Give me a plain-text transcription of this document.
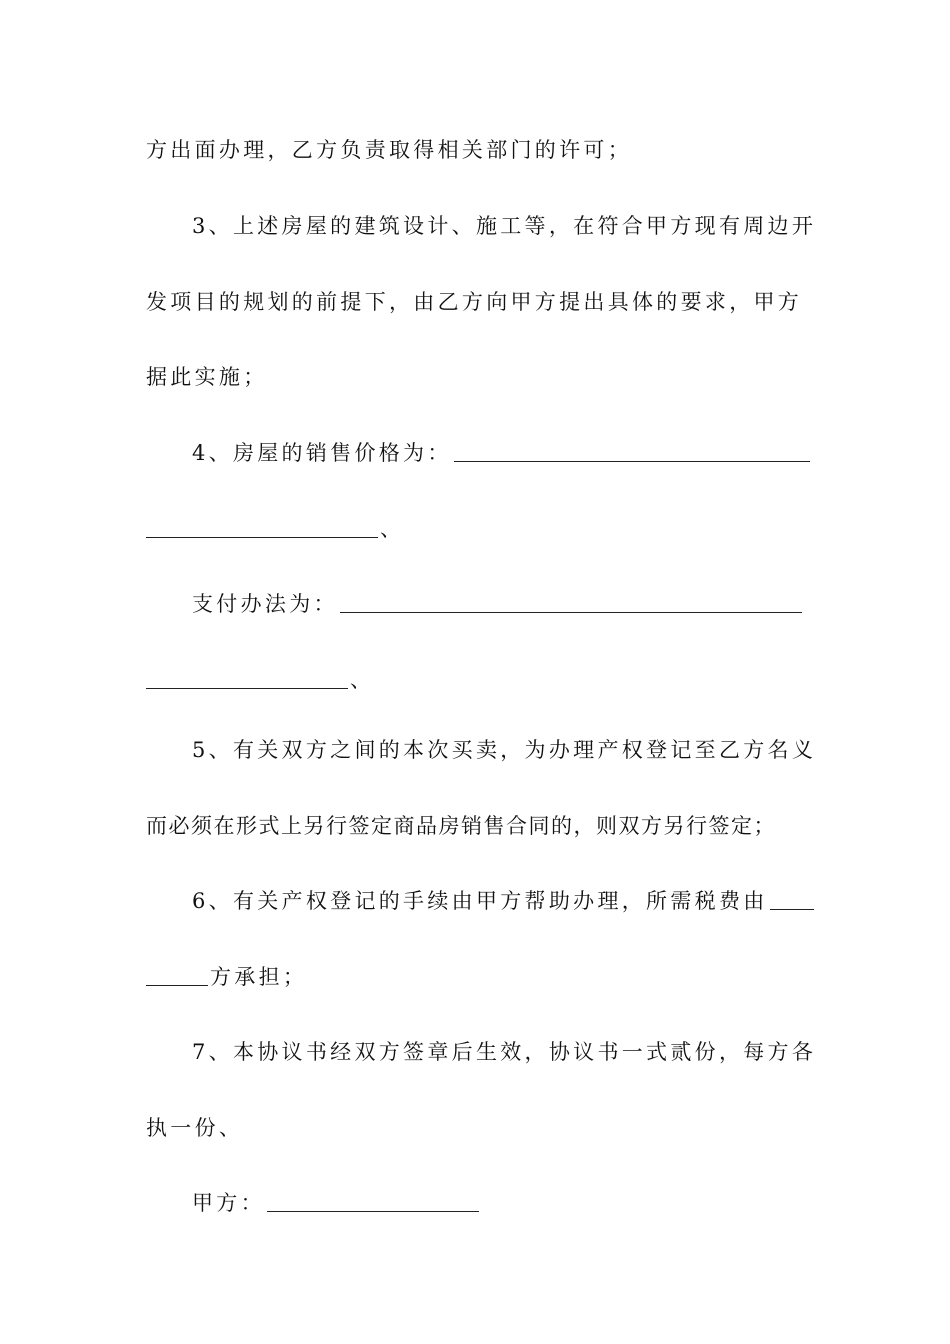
方出面办理，乙方负责取得相关部门的许可；
3、上述房屋的建筑设计、施工等，在符合甲方现有周边开
发项目的规划的前提下，由乙方向甲方提出具体的要求，甲方
据此实施；
4、房屋的销售价格为：
、
支付办法为：
、
5、有关双方之间的本次买卖，为办理产权登记至乙方名义
而必须在形式上另行签定商品房销售合同的，则双方另行签定；
6、有关产权登记的手续由甲方帮助办理，所需税费由
方承担；
7、本协议书经双方签章后生效，协议书一式贰份，每方各
执一份、
甲方：
